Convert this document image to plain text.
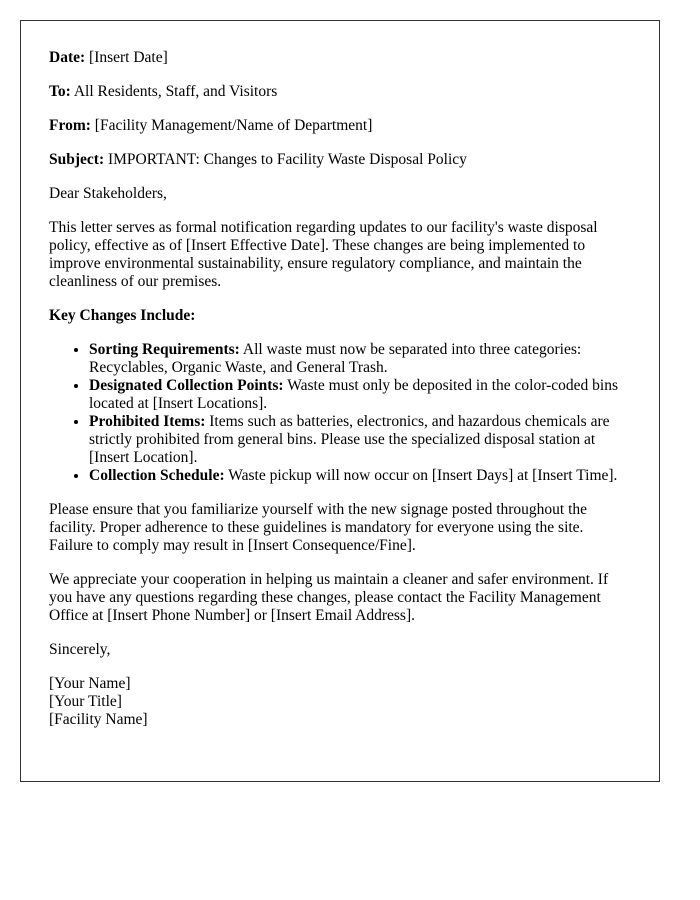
Date: [Insert Date]

To: All Residents, Staff, and Visitors

From: [Facility Management/Name of Department]

Subject: IMPORTANT: Changes to Facility Waste Disposal Policy

Dear Stakeholders,

This letter serves as formal notification regarding updates to our facility's waste disposal policy, effective as of [Insert Effective Date]. These changes are being implemented to improve environmental sustainability, ensure regulatory compliance, and maintain the cleanliness of our premises.

Key Changes Include:

• Sorting Requirements: All waste must now be separated into three categories: Recyclables, Organic Waste, and General Trash.
• Designated Collection Points: Waste must only be deposited in the color-coded bins located at [Insert Locations].
• Prohibited Items: Items such as batteries, electronics, and hazardous chemicals are strictly prohibited from general bins. Please use the specialized disposal station at [Insert Location].
• Collection Schedule: Waste pickup will now occur on [Insert Days] at [Insert Time].

Please ensure that you familiarize yourself with the new signage posted throughout the facility. Proper adherence to these guidelines is mandatory for everyone using the site. Failure to comply may result in [Insert Consequence/Fine].

We appreciate your cooperation in helping us maintain a cleaner and safer environment. If you have any questions regarding these changes, please contact the Facility Management Office at [Insert Phone Number] or [Insert Email Address].

Sincerely,

[Your Name]
[Your Title]
[Facility Name]
